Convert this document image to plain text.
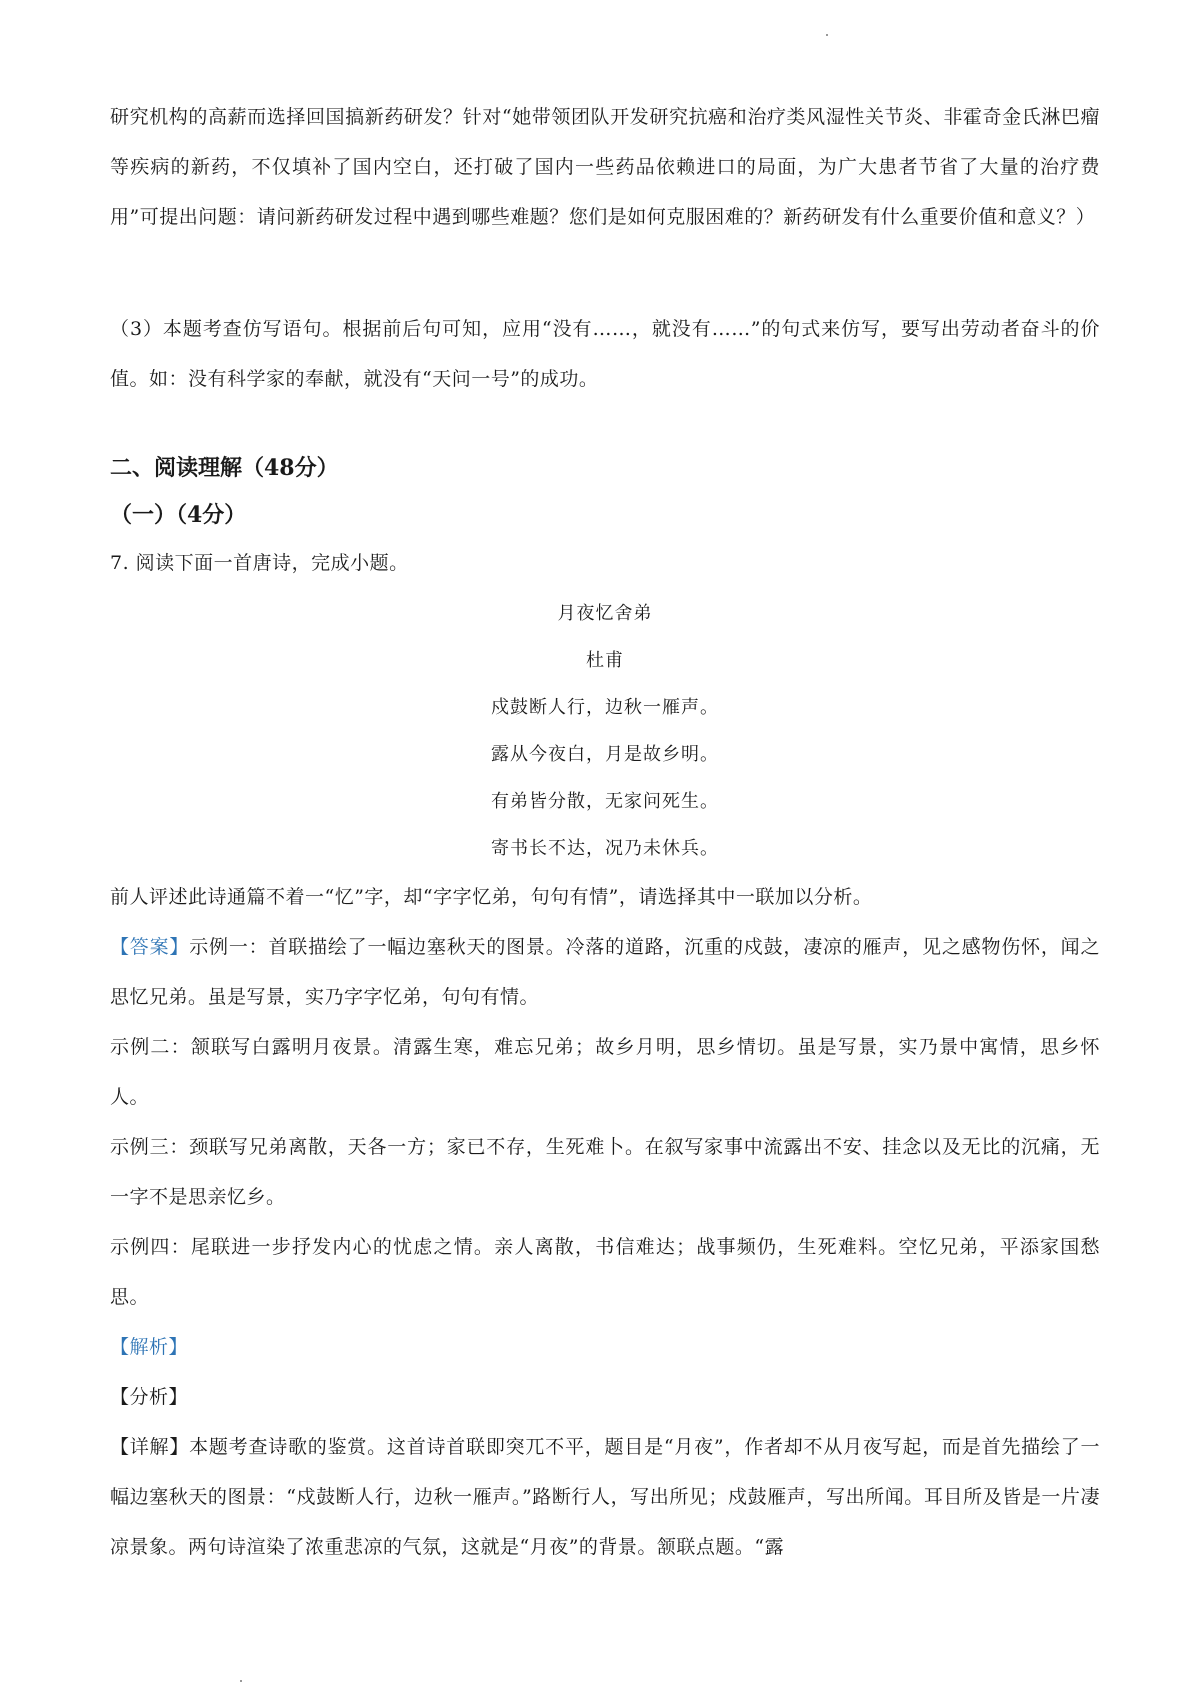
研究机构的高薪而选择回国搞新药研发？针对“她带领团队开发研究抗癌和治疗类风湿性关节炎、非霍奇金氏淋巴瘤等疾病的新药，不仅填补了国内空白，还打破了国内一些药品依赖进口的局面，为广大患者节省了大量的治疗费用”可提出问题：请问新药研发过程中遇到哪些难题？您们是如何克服困难的？新药研发有什么重要价值和意义？）

（3）本题考查仿写语句。根据前后句可知，应用“没有……，就没有……”的句式来仿写，要写出劳动者奋斗的价值。如：没有科学家的奉献，就没有“天问一号”的成功。

二、阅读理解（48分）

（一）（4分）

7. 阅读下面一首唐诗，完成小题。

月夜忆舍弟

杜甫

戍鼓断人行，边秋一雁声。

露从今夜白，月是故乡明。

有弟皆分散，无家问死生。

寄书长不达，况乃未休兵。

前人评述此诗通篇不着一“忆”字，却“字字忆弟，句句有情”，请选择其中一联加以分析。

【答案】示例一：首联描绘了一幅边塞秋天的图景。冷落的道路，沉重的戍鼓，凄凉的雁声，见之感物伤怀，闻之思忆兄弟。虽是写景，实乃字字忆弟，句句有情。

示例二：颔联写白露明月夜景。清露生寒，难忘兄弟；故乡月明，思乡情切。虽是写景，实乃景中寓情，思乡怀人。

示例三：颈联写兄弟离散，天各一方；家已不存，生死难卜。在叙写家事中流露出不安、挂念以及无比的沉痛，无一字不是思亲忆乡。

示例四：尾联进一步抒发内心的忧虑之情。亲人离散，书信难达；战事频仍，生死难料。空忆兄弟，平添家国愁思。

【解析】

【分析】

【详解】本题考查诗歌的鉴赏。这首诗首联即突兀不平，题目是“月夜”，作者却不从月夜写起，而是首先描绘了一幅边塞秋天的图景：“戍鼓断人行，边秋一雁声。”路断行人，写出所见；戍鼓雁声，写出所闻。耳目所及皆是一片凄凉景象。两句诗渲染了浓重悲凉的气氛，这就是“月夜”的背景。颔联点题。“露
